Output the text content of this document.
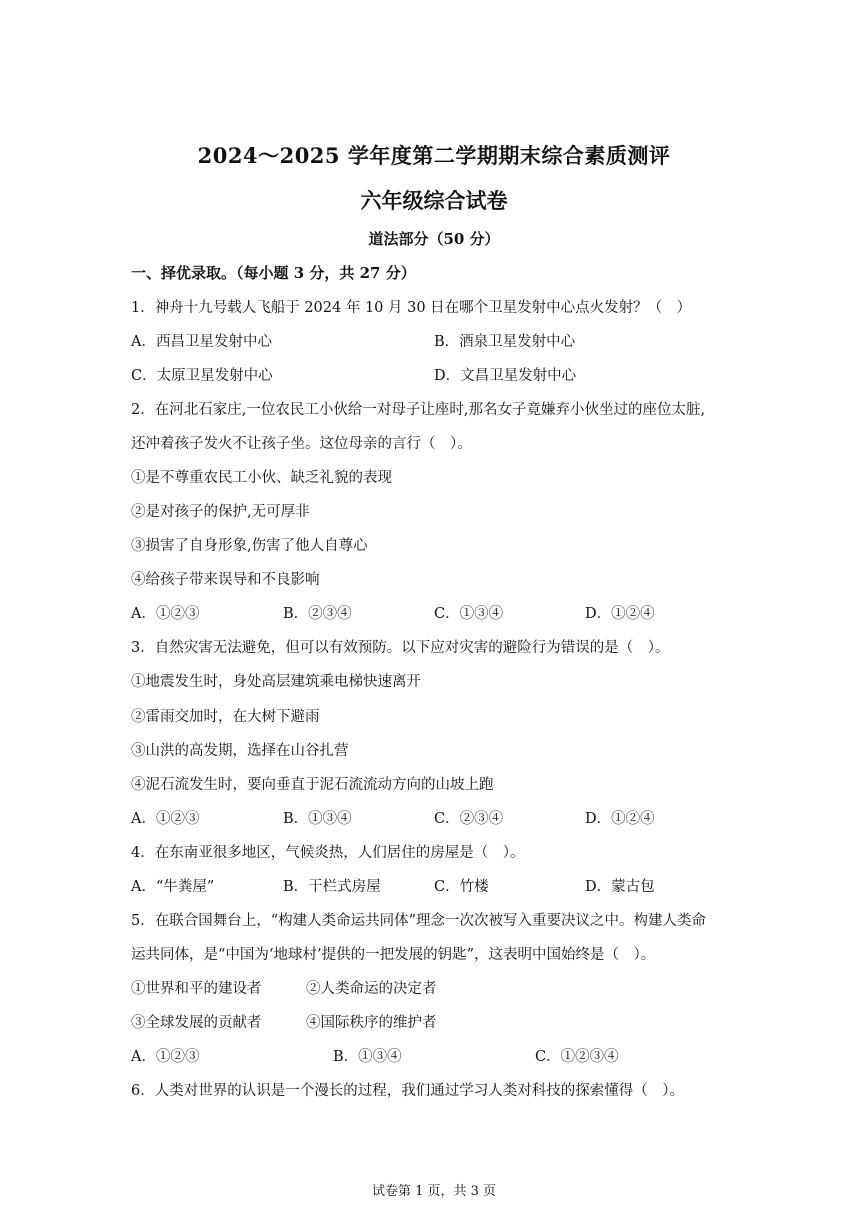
2024～2025 学年度第二学期期末综合素质测评
六年级综合试卷
道法部分（50 分）
一、择优录取。（每小题 3 分，共 27 分）
1．神舟十九号载人飞船于 2024 年 10 月 30 日在哪个卫星发射中心点火发射？（　）
A．西昌卫星发射中心	B．酒泉卫星发射中心
C．太原卫星发射中心	D．文昌卫星发射中心
2．在河北石家庄,一位农民工小伙给一对母子让座时,那名女子竟嫌弃小伙坐过的座位太脏,
还冲着孩子发火不让孩子坐。这位母亲的言行（　）。
①是不尊重农民工小伙、缺乏礼貌的表现
②是对孩子的保护,无可厚非
③损害了自身形象,伤害了他人自尊心
④给孩子带来误导和不良影响
A．①②③	B．②③④	C．①③④	D．①②④
3．自然灾害无法避免，但可以有效预防。以下应对灾害的避险行为错误的是（　）。
①地震发生时，身处高层建筑乘电梯快速离开
②雷雨交加时，在大树下避雨
③山洪的高发期，选择在山谷扎营
④泥石流发生时，要向垂直于泥石流流动方向的山坡上跑
A．①②③	B．①③④	C．②③④	D．①②④
4．在东南亚很多地区，气候炎热，人们居住的房屋是（　）。
A．“牛粪屋”	B．干栏式房屋	C．竹楼	D．蒙古包
5．在联合国舞台上，“构建人类命运共同体”理念一次次被写入重要决议之中。构建人类命
运共同体，是“中国为‘地球村’提供的一把发展的钥匙”，这表明中国始终是（　）。
①世界和平的建设者	②人类命运的决定者
③全球发展的贡献者	④国际秩序的维护者
A．①②③	B．①③④	C．①②③④
6．人类对世界的认识是一个漫长的过程，我们通过学习人类对科技的探索懂得（　）。
试卷第 1 页，共 3 页
